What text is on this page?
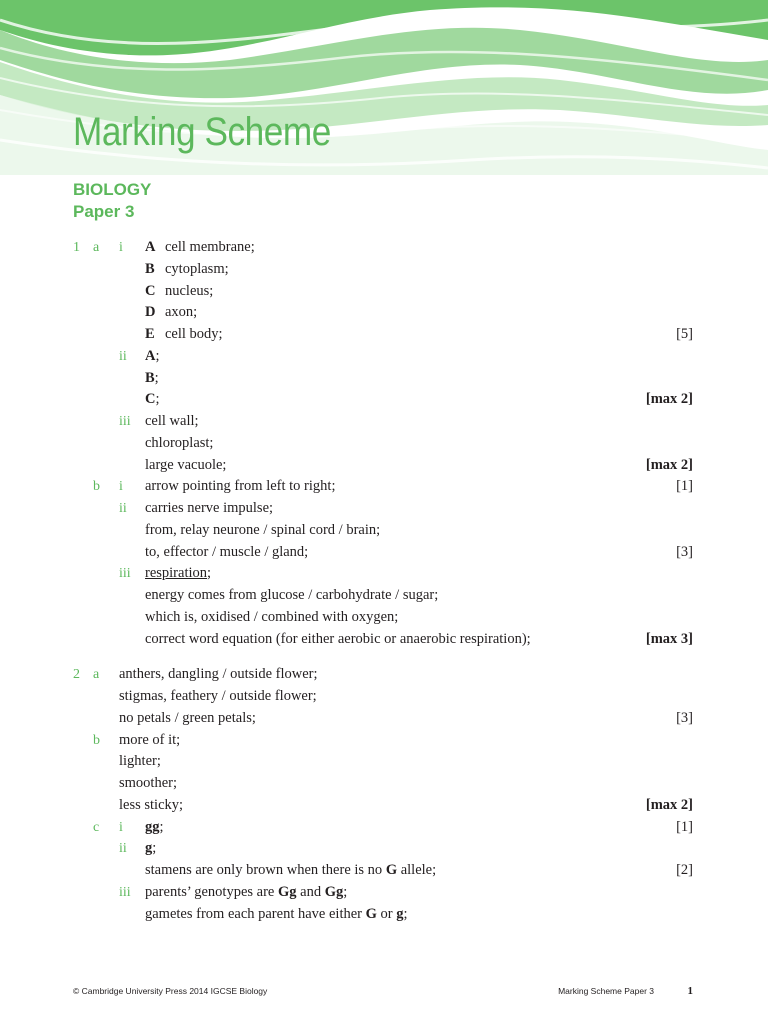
Marking Scheme
BIOLOGY
Paper 3
1 a i A cell membrane;
B cytoplasm;
C nucleus;
D axon;
E cell body;	[5]
ii A;
B;
C;	[max 2]
iii cell wall;
chloroplast;
large vacuole;	[max 2]
b i arrow pointing from left to right;	[1]
ii carries nerve impulse;
from, relay neurone / spinal cord / brain;
to, effector / muscle / gland;	[3]
iii respiration;
energy comes from glucose / carbohydrate / sugar;
which is, oxidised / combined with oxygen;
correct word equation (for either aerobic or anaerobic respiration);	[max 3]
2 a anthers, dangling / outside flower;
stigmas, feathery / outside flower;
no petals / green petals;	[3]
b more of it;
lighter;
smoother;
less sticky;	[max 2]
c i gg;	[1]
ii g;
stamens are only brown when there is no G allele;	[2]
iii parents’ genotypes are Gg and Gg;
gametes from each parent have either G or g;
© Cambridge University Press 2014 IGCSE Biology	Marking Scheme Paper 3	1
